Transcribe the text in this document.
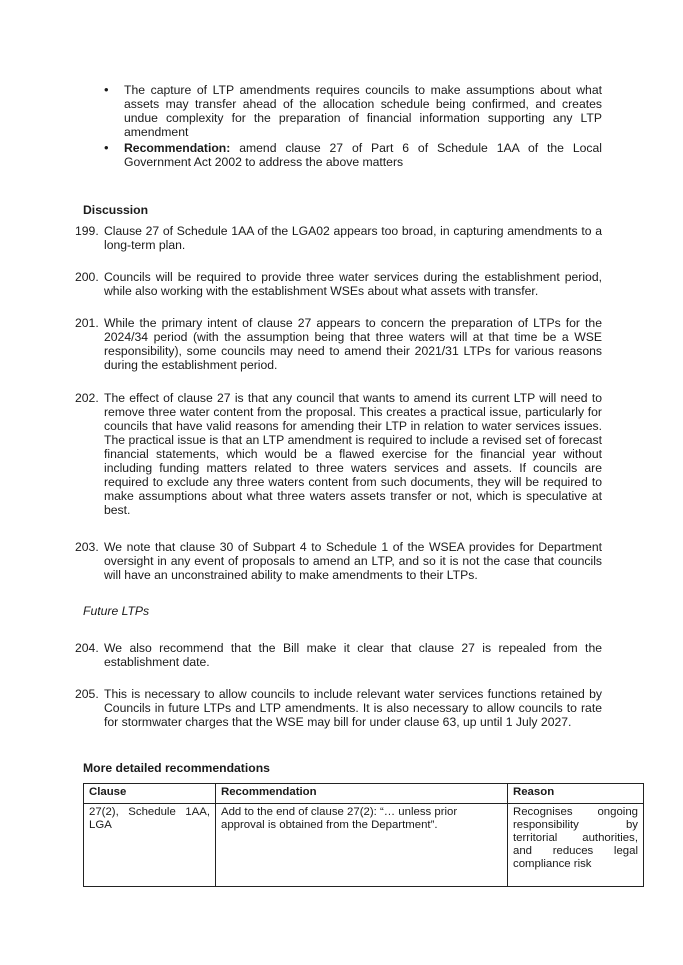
• The capture of LTP amendments requires councils to make assumptions about what assets may transfer ahead of the allocation schedule being confirmed, and creates undue complexity for the preparation of financial information supporting any LTP amendment
• Recommendation: amend clause 27 of Part 6 of Schedule 1AA of the Local Government Act 2002 to address the above matters
Discussion
199. Clause 27 of Schedule 1AA of the LGA02 appears too broad, in capturing amendments to a long-term plan.
200. Councils will be required to provide three water services during the establishment period, while also working with the establishment WSEs about what assets with transfer.
201. While the primary intent of clause 27 appears to concern the preparation of LTPs for the 2024/34 period (with the assumption being that three waters will at that time be a WSE responsibility), some councils may need to amend their 2021/31 LTPs for various reasons during the establishment period.
202. The effect of clause 27 is that any council that wants to amend its current LTP will need to remove three water content from the proposal. This creates a practical issue, particularly for councils that have valid reasons for amending their LTP in relation to water services issues. The practical issue is that an LTP amendment is required to include a revised set of forecast financial statements, which would be a flawed exercise for the financial year without including funding matters related to three waters services and assets. If councils are required to exclude any three waters content from such documents, they will be required to make assumptions about what three waters assets transfer or not, which is speculative at best.
203. We note that clause 30 of Subpart 4 to Schedule 1 of the WSEA provides for Department oversight in any event of proposals to amend an LTP, and so it is not the case that councils will have an unconstrained ability to make amendments to their LTPs.
Future LTPs
204. We also recommend that the Bill make it clear that clause 27 is repealed from the establishment date.
205. This is necessary to allow councils to include relevant water services functions retained by Councils in future LTPs and LTP amendments. It is also necessary to allow councils to rate for stormwater charges that the WSE may bill for under clause 63, up until 1 July 2027.
More detailed recommendations
Clause	Recommendation	Reason
27(2), Schedule 1AA, LGA	Add to the end of clause 27(2): “… unless prior approval is obtained from the Department”.	Recognises ongoing responsibility by territorial authorities, and reduces legal compliance risk
